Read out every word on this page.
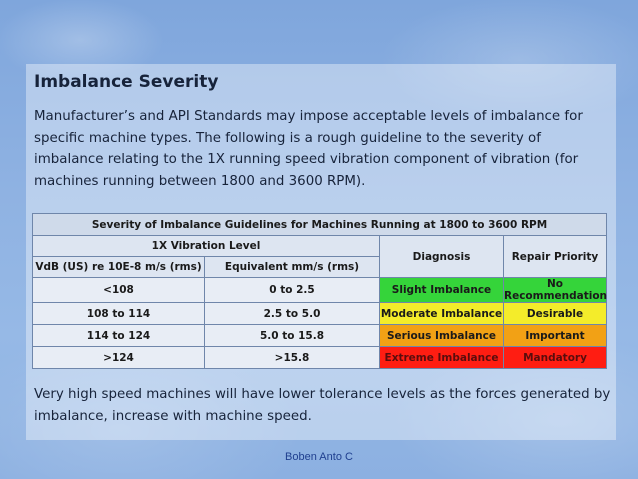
Imbalance Severity

Manufacturer’s and API Standards may impose acceptable levels of imbalance for specific machine types. The following is a rough guideline to the severity of imbalance relating to the 1X running speed vibration component of vibration (for machines running between 1800 and 3600 RPM).

Severity of Imbalance Guidelines for Machines Running at 1800 to 3600 RPM			
1X Vibration Level		Diagnosis	Repair Priority
VdB (US) re 10E-8 m/s (rms)	Equivalent mm/s (rms)		
<108	0 to 2.5	Slight Imbalance	No Recommendation
108 to 114	2.5 to 5.0	Moderate Imbalance	Desirable
114 to 124	5.0 to 15.8	Serious Imbalance	Important
>124	>15.8	Extreme Imbalance	Mandatory

Very high speed machines will have lower tolerance levels as the forces generated by imbalance, increase with machine speed.

Boben Anto C
